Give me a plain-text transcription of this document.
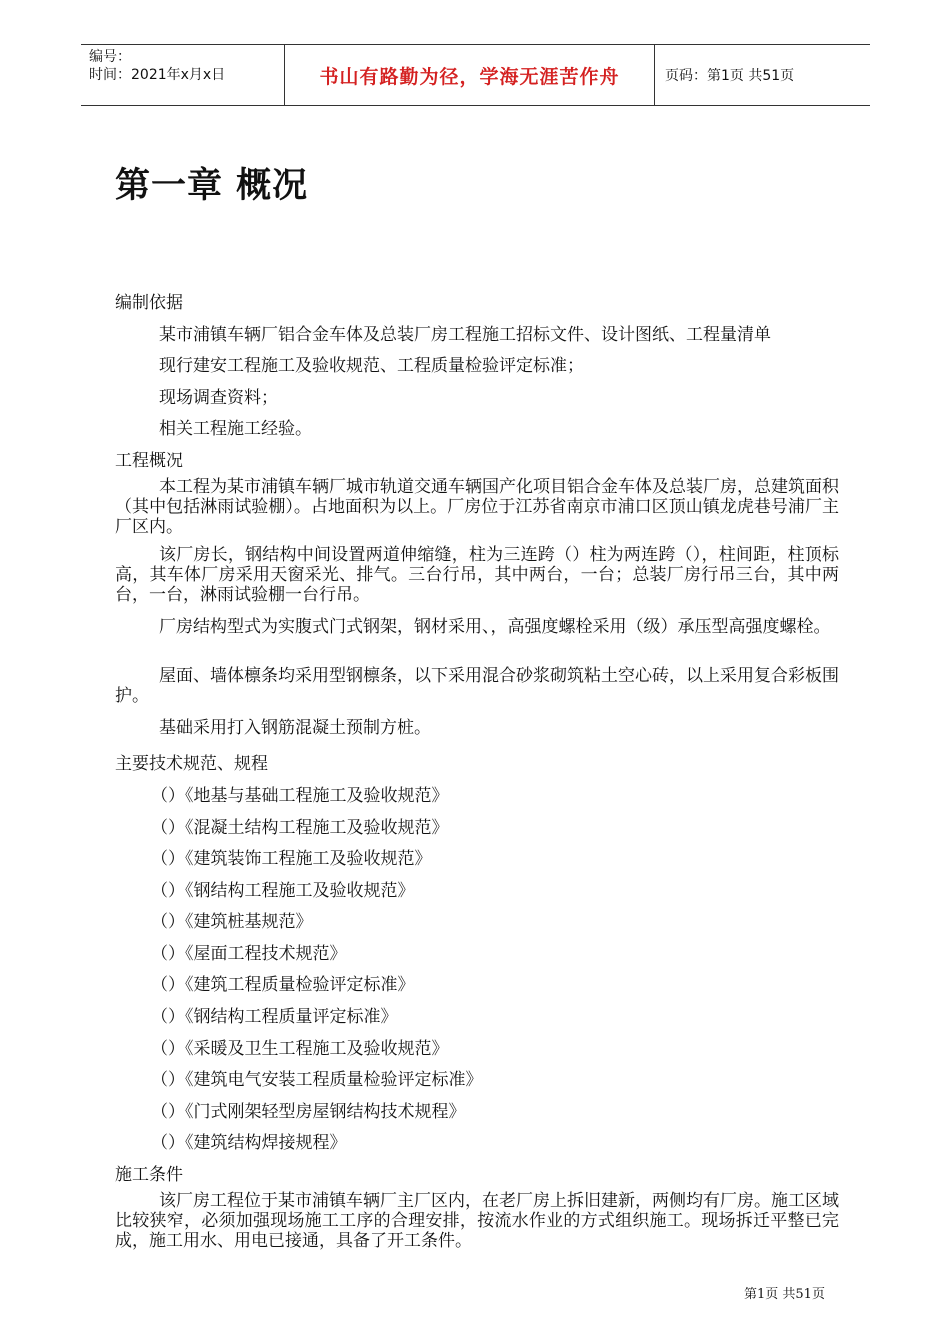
编号：
时间：2021年x月x日	书山有路勤为径，学海无涯苦作舟	页码：第1页 共51页
第一章 概况
编制依据
某市浦镇车辆厂铝合金车体及总装厂房工程施工招标文件、设计图纸、工程量清单
现行建安工程施工及验收规范、工程质量检验评定标准；
现场调查资料；
相关工程施工经验。
工程概况
本工程为某市浦镇车辆厂城市轨道交通车辆国产化项目铝合金车体及总装厂房，总建筑面积（其中包括淋雨试验棚）。占地面积为以上。厂房位于江苏省南京市浦口区顶山镇龙虎巷号浦厂主厂区内。
该厂房长，钢结构中间设置两道伸缩缝，柱为三连跨（）柱为两连跨（），柱间距，柱顶标高，其车体厂房采用天窗采光、排气。三台行吊，其中两台，一台；总装厂房行吊三台，其中两台，一台，淋雨试验棚一台行吊。
厂房结构型式为实腹式门式钢架，钢材采用、，高强度螺栓采用（级）承压型高强度螺栓。
屋面、墙体檩条均采用型钢檩条，以下采用混合砂浆砌筑粘土空心砖，以上采用复合彩板围护。
基础采用打入钢筋混凝土预制方桩。
主要技术规范、规程
（）《地基与基础工程施工及验收规范》
（）《混凝土结构工程施工及验收规范》
（）《建筑装饰工程施工及验收规范》
（）《钢结构工程施工及验收规范》
（）《建筑桩基规范》
（）《屋面工程技术规范》
（）《建筑工程质量检验评定标准》
（）《钢结构工程质量评定标准》
（）《采暖及卫生工程施工及验收规范》
（）《建筑电气安装工程质量检验评定标准》
（）《门式刚架轻型房屋钢结构技术规程》
（）《建筑结构焊接规程》
施工条件
该厂房工程位于某市浦镇车辆厂主厂区内，在老厂房上拆旧建新，两侧均有厂房。施工区域比较狭窄，必须加强现场施工工序的合理安排，按流水作业的方式组织施工。现场拆迁平整已完成，施工用水、用电已接通，具备了开工条件。
第1页 共51页
